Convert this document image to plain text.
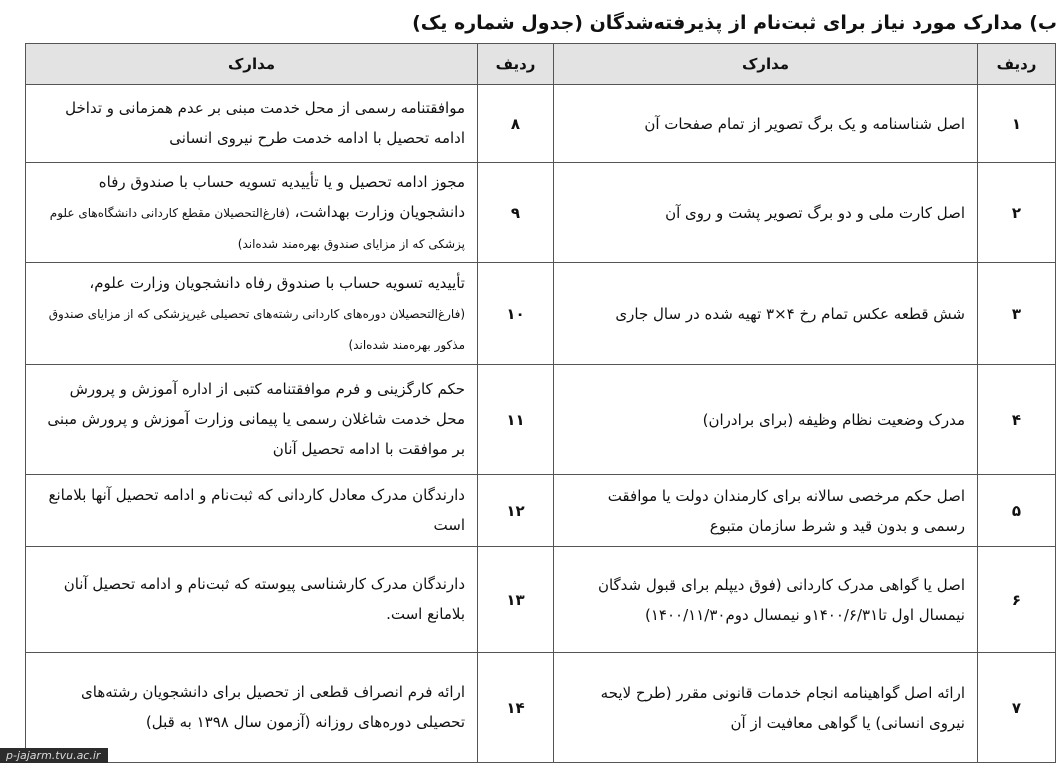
ب) مدارک مورد نیاز برای ثبت‌نام از پذیرفته‌شدگان (جدول شماره یک)
ردیف	مدارک	ردیف	مدارک
۱	اصل شناسنامه و یک برگ تصویر از تمام صفحات آن	۸	موافقتنامه رسمی از محل خدمت مبنی بر عدم همزمانی و تداخل ادامه تحصیل با ادامه خدمت طرح نیروی انسانی
۲	اصل کارت ملی و دو برگ تصویر پشت و روی آن	۹	مجوز ادامه تحصیل و یا تأییدیه تسویه حساب با صندوق رفاه دانشجویان وزارت بهداشت، (فارغ‌التحصیلان مقطع کاردانی دانشگاه‌های علوم پزشکی که از مزایای صندوق بهره‌مند شده‌اند)
۳	شش قطعه عکس تمام رخ ۴×۳ تهیه شده در سال جاری	۱۰	تأییدیه تسویه حساب با صندوق رفاه دانشجویان وزارت علوم، (فارغ‌التحصیلان دوره‌های کاردانی رشته‌های تحصیلی غیرپزشکی که از مزایای صندوق مذکور بهره‌مند شده‌اند)
۴	مدرک وضعیت نظام وظیفه (برای برادران)	۱۱	حکم کارگزینی و فرم موافقتنامه کتبی از اداره آموزش و پرورش محل خدمت شاغلان رسمی یا پیمانی وزارت آموزش و پرورش مبنی بر موافقت با ادامه تحصیل آنان
۵	اصل حکم مرخصی سالانه برای کارمندان دولت یا موافقت رسمی و بدون قید و شرط سازمان متبوع	۱۲	دارندگان مدرک معادل کاردانی که ثبت‌نام و ادامه تحصیل آنها بلامانع است
۶	اصل یا گواهی مدرک کاردانی (فوق دیپلم برای قبول شدگان نیمسال اول تا۱۴۰۰/۶/۳۱و نیمسال دوم۱۴۰۰/۱۱/۳۰)	۱۳	دارندگان مدرک کارشناسی پیوسته که ثبت‌نام و ادامه تحصیل آنان بلامانع است.
۷	ارائه اصل گواهینامه انجام خدمات قانونی مقرر (طرح لایحه نیروی انسانی) یا گواهی معافیت از آن	۱۴	ارائه فرم انصراف قطعی از تحصیل برای دانشجویان رشته‌های تحصیلی دوره‌های روزانه (آزمون سال ۱۳۹۸ به قبل)
p-jajarm.tvu.ac.ir
